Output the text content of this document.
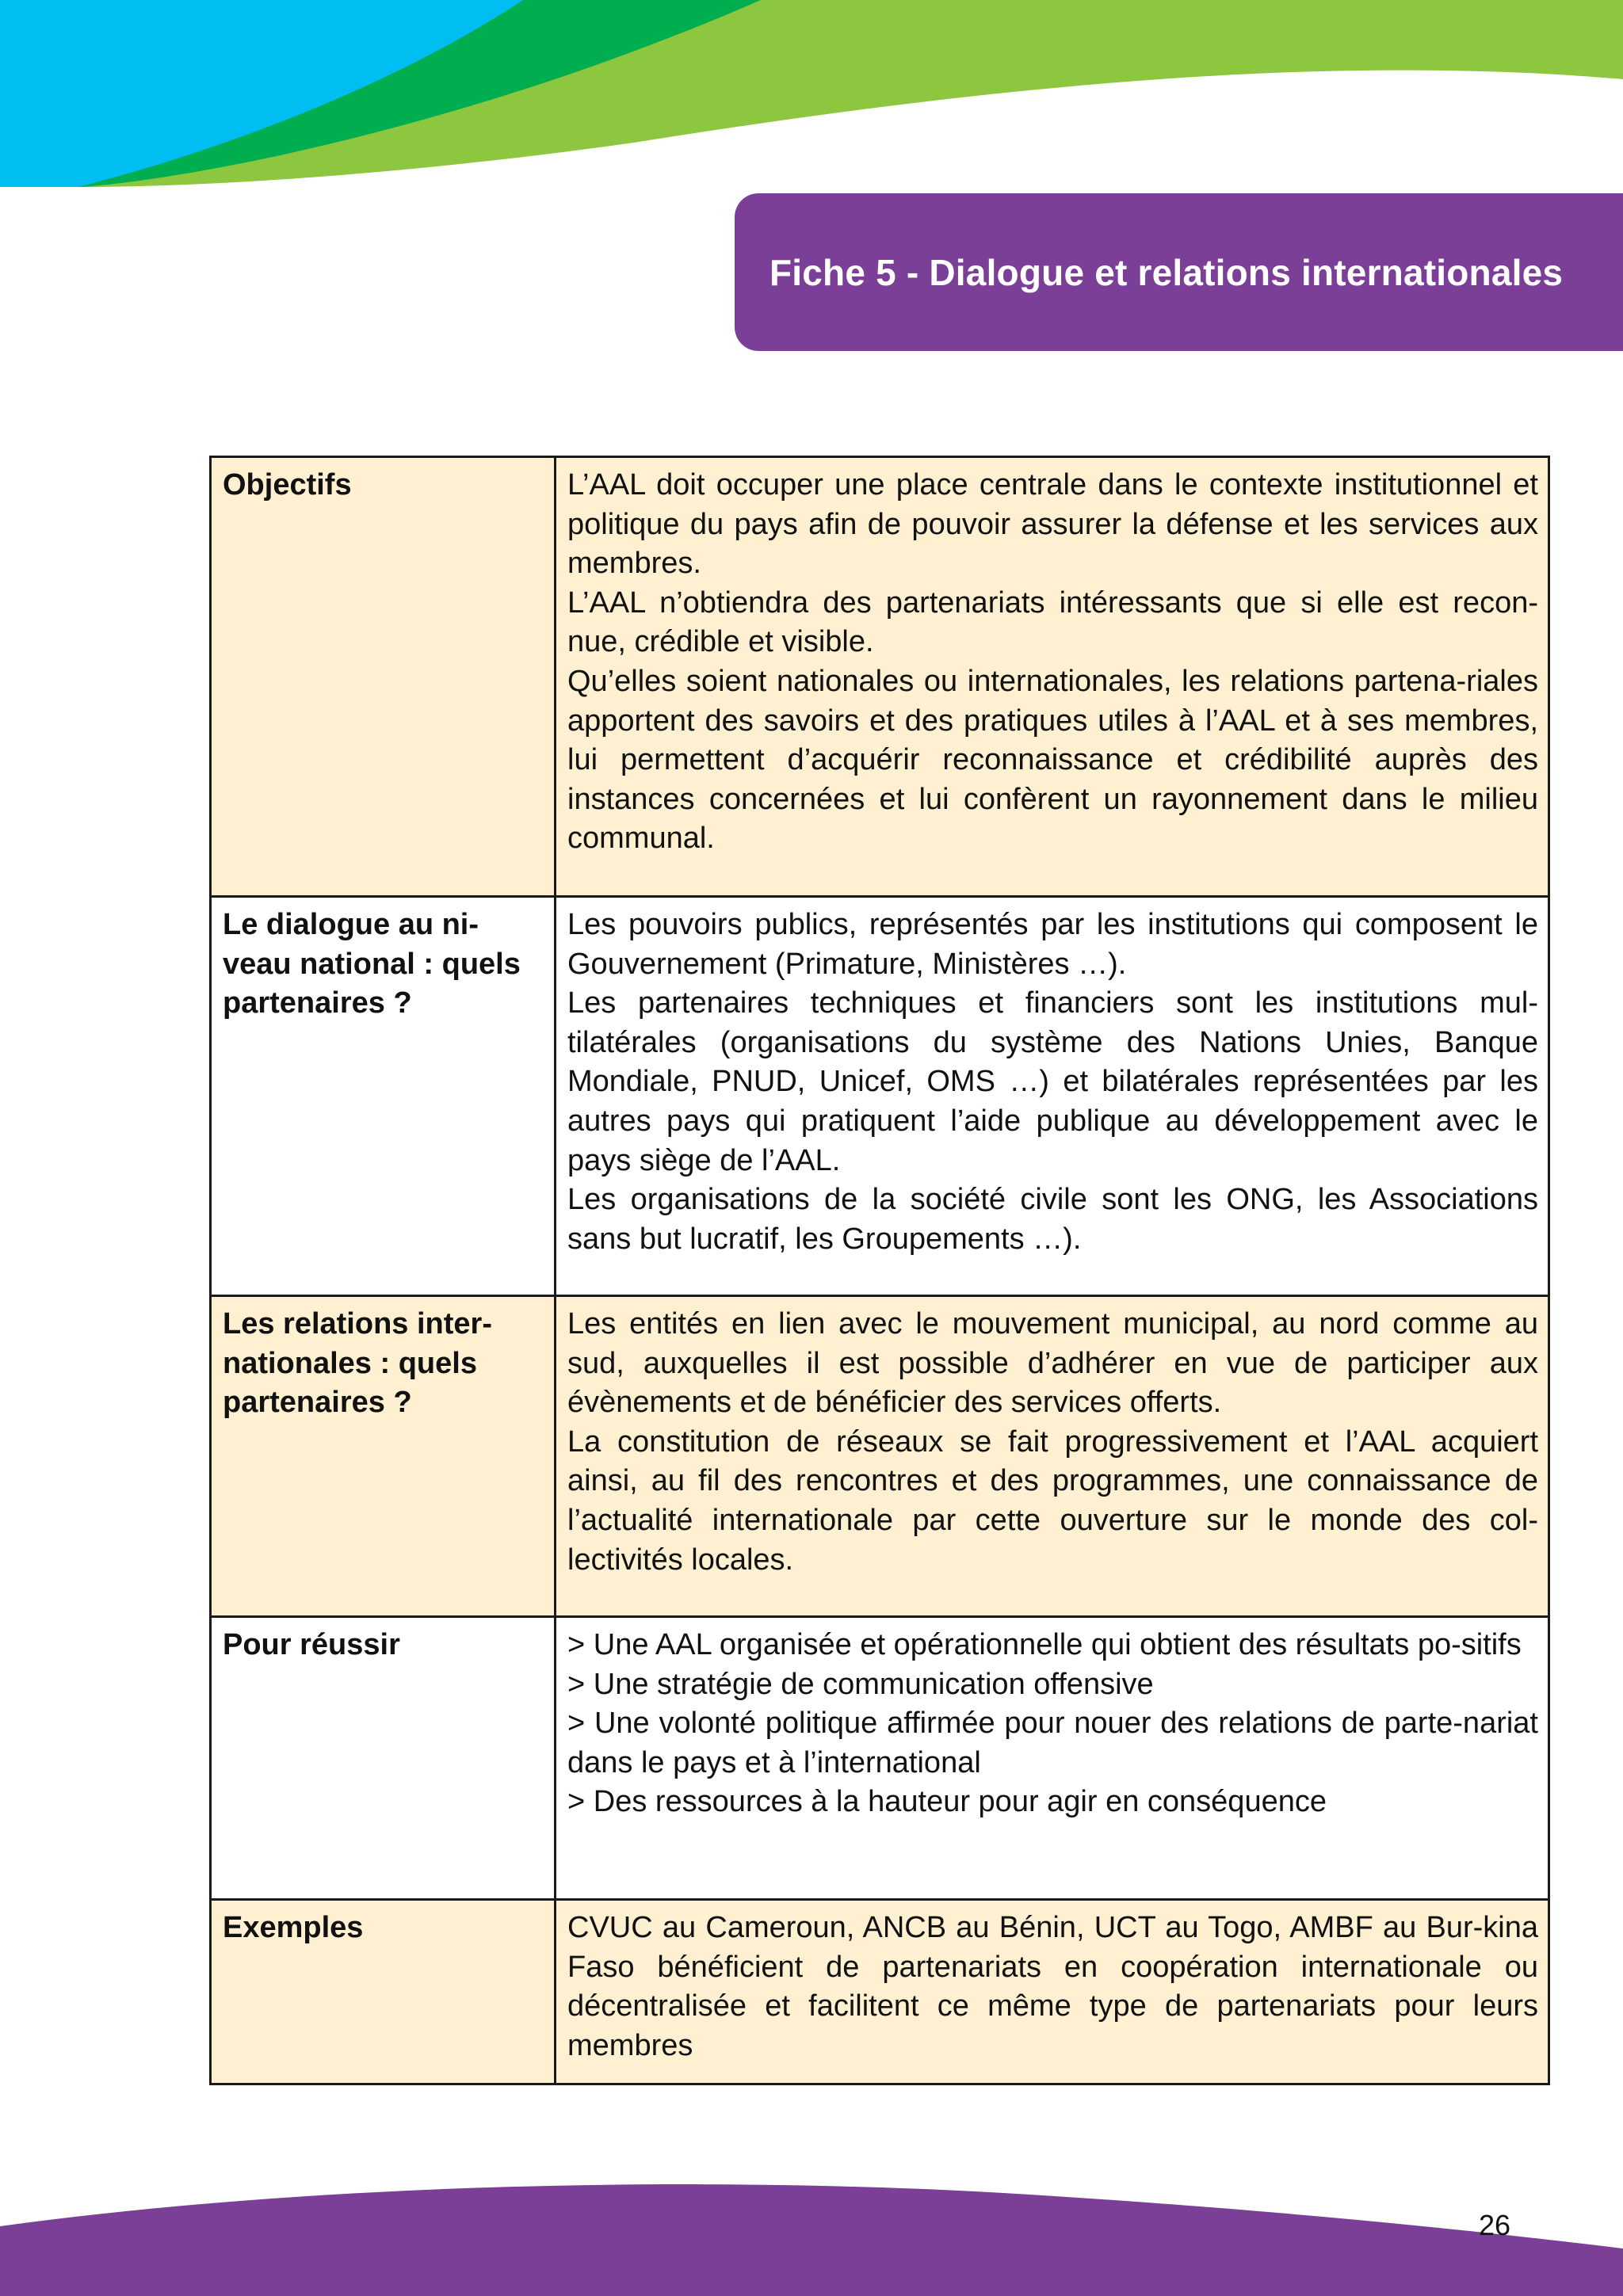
Fiche 5 - Dialogue et relations internationales
Objectifs	L’AAL doit occuper une place centrale dans le contexte institutionnel et politique du pays afin de pouvoir assurer la défense et les services aux membres.
L’AAL n’obtiendra des partenariats intéressants que si elle est recon-nue, crédible et visible.
Qu’elles soient nationales ou internationales, les relations partena-riales apportent des savoirs et des pratiques utiles à l’AAL et à ses membres, lui permettent d’acquérir reconnaissance et crédibilité auprès des instances concernées et lui confèrent un rayonnement dans le milieu communal.

Le dialogue au ni-veau national : quels partenaires ?	Les pouvoirs publics, représentés par les institutions qui composent le Gouvernement (Primature, Ministères …).
Les partenaires techniques et financiers sont les institutions mul-tilatérales (organisations du système des Nations Unies, Banque Mondiale, PNUD, Unicef, OMS …) et bilatérales représentées par les autres pays qui pratiquent l’aide publique au développement avec le pays siège de l’AAL.
Les organisations de la société civile sont les ONG, les Associations sans but lucratif, les Groupements …).

Les relations inter-nationales : quels partenaires ?	Les entités en lien avec le mouvement municipal, au nord comme au sud, auxquelles il est possible d’adhérer en vue de participer aux évènements et de bénéficier des services offerts.
La constitution de réseaux se fait progressivement et l’AAL acquiert ainsi, au fil des rencontres et des programmes, une connaissance de l’actualité internationale par cette ouverture sur le monde des col-lectivités locales.

Pour réussir	> Une AAL organisée et opérationnelle qui obtient des résultats po-sitifs
> Une stratégie de communication offensive
> Une volonté politique affirmée pour nouer des relations de parte-nariat dans le pays et à l’international
> Des ressources à la hauteur pour agir en conséquence

Exemples	CVUC au Cameroun, ANCB au Bénin, UCT au Togo, AMBF au Bur-kina Faso bénéficient de partenariats en coopération internationale ou décentralisée et facilitent ce même type de partenariats pour leurs membres
26
